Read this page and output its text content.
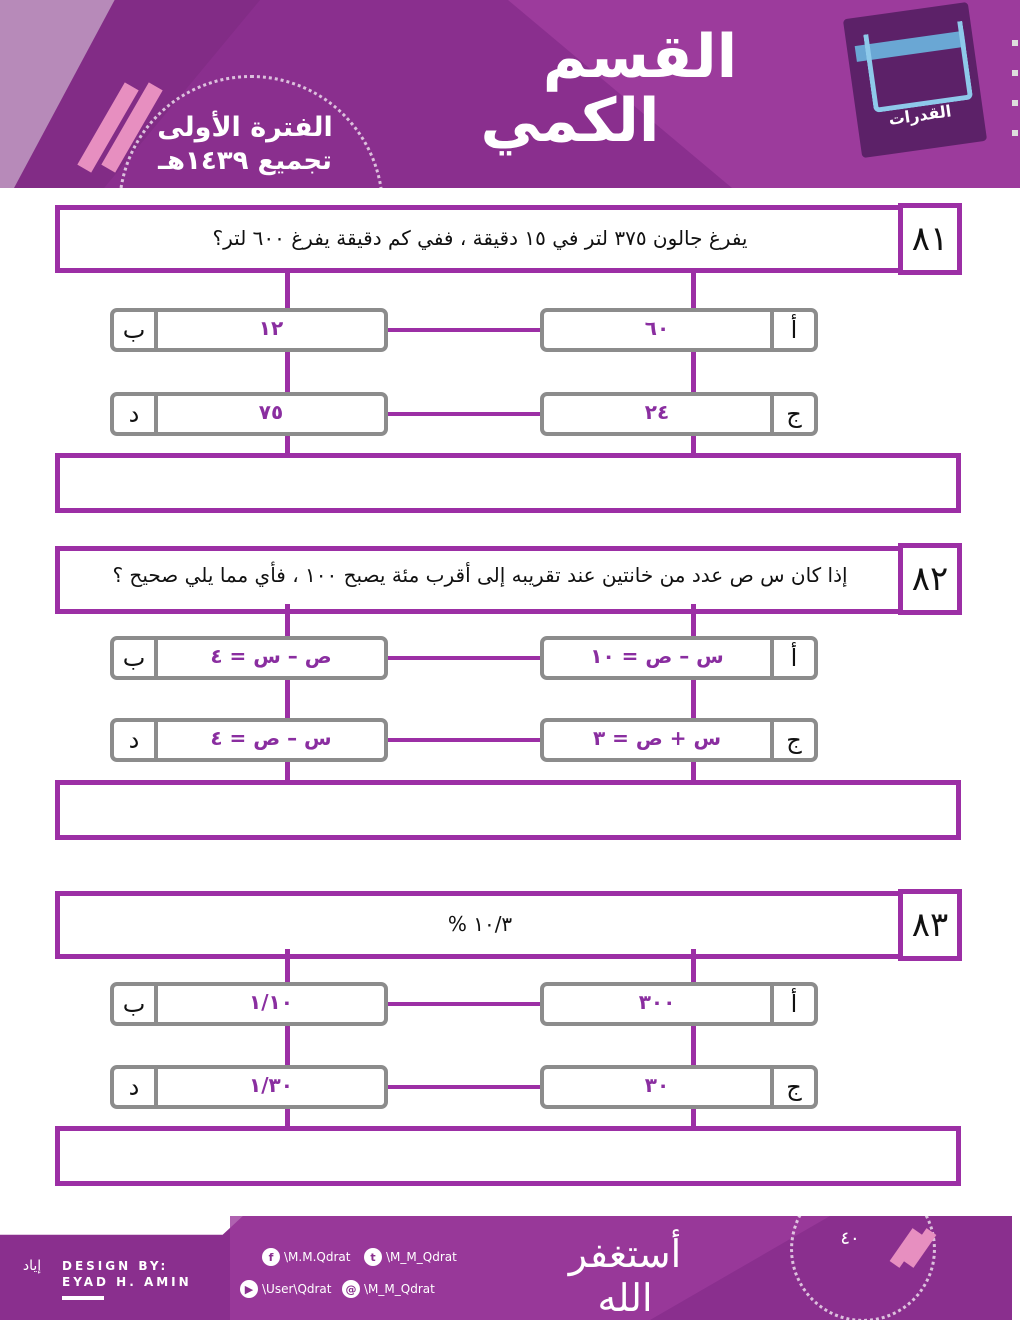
الفترة الأولى
تجميع ١٤٣٩هـ
القسم
الكمي	القدرات
٨١
يفرغ جالون ٣٧٥ لتر في ١٥ دقيقة ، ففي كم دقيقة يفرغ ٦٠٠ لتر؟
٦٠	أ
ب	١٢
٢٤	ج
د	٧٥
٨٢
إذا كان س ص عدد من خانتين عند تقريبه إلى أقرب مئة يصبح ١٠٠ ، فأي مما يلي صحيح ؟
س – ص = ١٠	أ
ب	ص – س = ٤
س + ص = ٣	ج
د	س – ص = ٤
٨٣
١٠/٣ %
٣٠٠	أ
ب	١/١٠
٣٠	ج
د	١/٣٠
٤٠
إياد	DESIGN BY:
EYAD H. AMIN
f \M.M.Qdrat	t \M_M_Qdrat
▶ \User\Qdrat	@ \M_M_Qdrat
أستغفر الله
